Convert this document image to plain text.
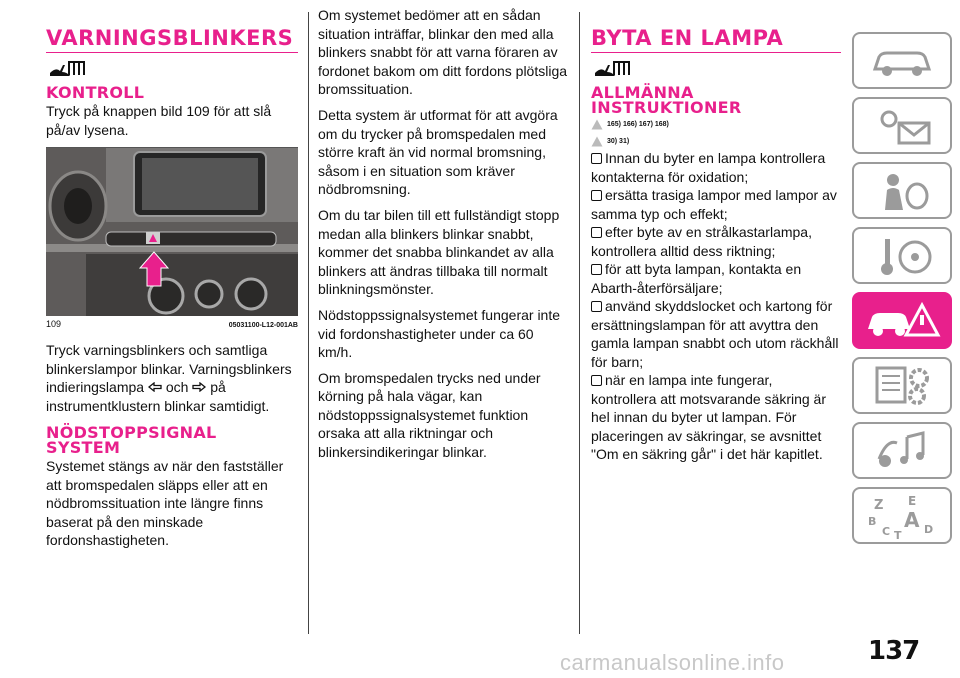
VARNINGSBLINKERS
KONTROLL

Tryck på knappen bild 109 för att slå på/av lysena.

109	05031100-L12-001AB

Tryck varningsblinkers och samtliga blinkerslampor blinkar. Varningsblinkers indieringslampa och på instrumentklustern blinkar samtidigt.

NÖDSTOPPSIGNAL SYSTEM

Systemet stängs av när den fastställer att bromspedalen släpps eller att en nödbromssituation inte längre finns baserat på den minskade fordonshastigheten.

Om systemet bedömer att en sådan situation inträffar, blinkar den med alla blinkers snabbt för att varna föraren av fordonet bakom om ditt fordons plötsliga bromssituation.

Detta system är utformat för att avgöra om du trycker på bromspedalen med större kraft än vid normal bromsning, såsom i en situation som kräver nödbromsning.

Om du tar bilen till ett fullständigt stopp medan alla blinkers blinkar snabbt, kommer det snabba blinkandet av alla blinkers att ändras tillbaka till normalt blinkningsmönster.

Nödstoppssignalsystemet fungerar inte vid fordonshastigheter under ca 60 km/h.

Om bromspedalen trycks ned under körning på hala vägar, kan nödstoppssignalsystemet funktion orsaka att alla riktningar och blinkersindikeringar blinkar.

BYTA EN LAMPA
ALLMÄNNA INSTRUKTIONER
165) 166) 167) 168)
30) 31)

Innan du byter en lampa kontrollera kontakterna för oxidation;

ersätta trasiga lampor med lampor av samma typ och effekt;

efter byte av en strålkastarlampa, kontrollera alltid dess riktning;

för att byta lampan, kontakta en Abarth-återförsäljare;

använd skyddslocket och kartong för ersättningslampan för att avyttra den gamla lampan snabbt och utom räckhåll för barn;

när en lampa inte fungerar, kontrollera att motsvarande säkring är hel innan du byter ut lampan. För placeringen av säkringar, se avsnittet "Om en säkring går" i det här kapitlet.

Z E
B A
C T D
137
carmanualsonline.info
